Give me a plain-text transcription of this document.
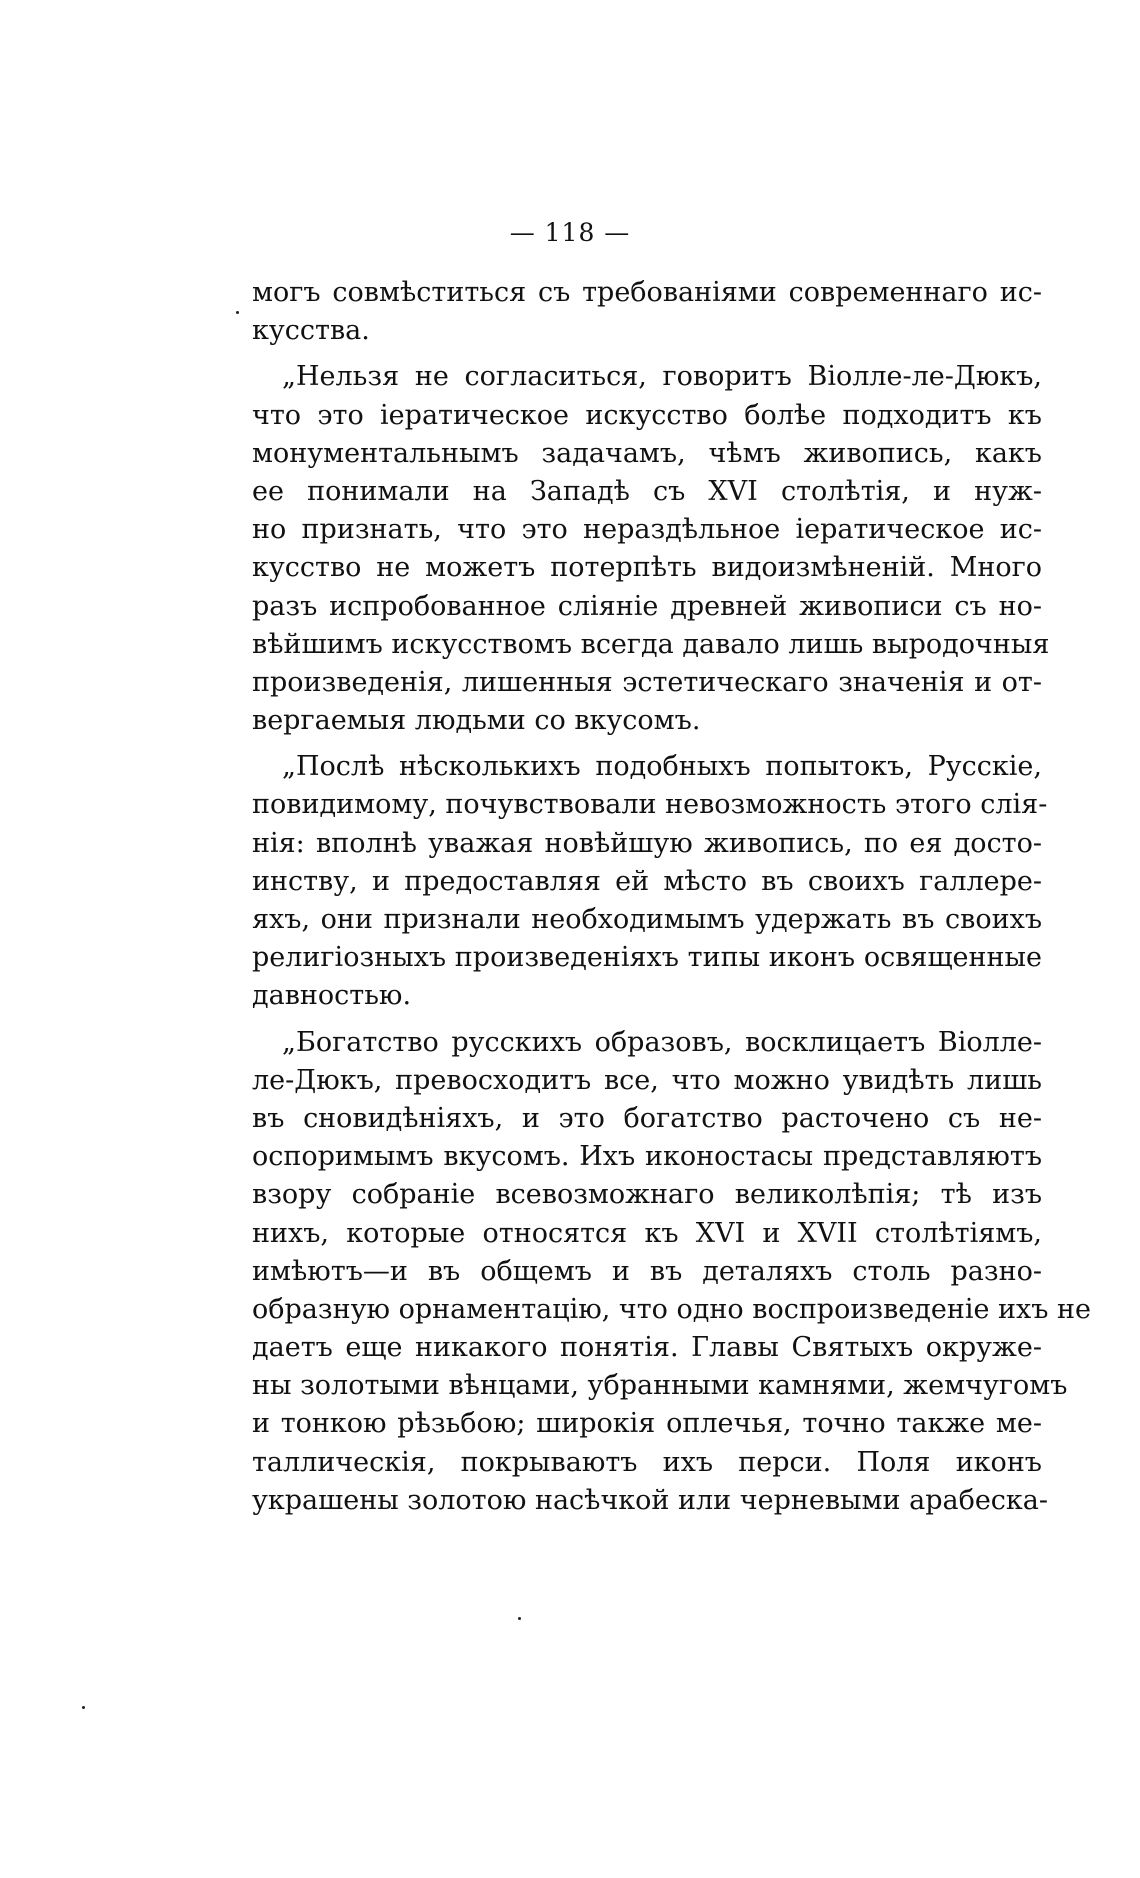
— 118 —
могъ совмѣститься съ требованіями современнаго ис-
кусства.
„Нельзя не согласиться, говоритъ Віолле-ле-Дюкъ,
что это іератическое искусство болѣе подходитъ къ
монументальнымъ задачамъ, чѣмъ живопись, какъ
ее понимали на Западѣ съ XVI столѣтія, и нуж-
но признать, что это нераздѣльное іератическое ис-
кусство не можетъ потерпѣть видоизмѣненій. Много
разъ испробованное сліяніе древней живописи съ но-
вѣйшимъ искусствомъ всегда давало лишь выродочныя
произведенія, лишенныя эстетическаго значенія и от-
вергаемыя людьми со вкусомъ.
„Послѣ нѣсколькихъ подобныхъ попытокъ, Русскіе,
повидимому, почувствовали невозможность этого слія-
нія: вполнѣ уважая новѣйшую живопись, по ея досто-
инству, и предоставляя ей мѣсто въ своихъ галлере-
яхъ, они признали необходимымъ удержать въ своихъ
религіозныхъ произведеніяхъ типы иконъ освященные
давностью.
„Богатство русскихъ образовъ, восклицаетъ Віолле-
ле-Дюкъ, превосходитъ все, что можно увидѣть лишь
въ сновидѣніяхъ, и это богатство расточено съ не-
оспоримымъ вкусомъ. Ихъ иконостасы представляютъ
взору собраніе всевозможнаго великолѣпія; тѣ изъ
нихъ, которые относятся къ XVI и XVII столѣтіямъ,
имѣютъ—и въ общемъ и въ деталяхъ столь разно-
образную орнаментацію, что одно воспроизведеніе ихъ не
даетъ еще никакого понятія. Главы Святыхъ окруже-
ны золотыми вѣнцами, убранными камнями, жемчугомъ
и тонкою рѣзьбою; широкія оплечья, точно также ме-
таллическія, покрываютъ ихъ перси. Поля иконъ
украшены золотою насѣчкой или черневыми арабеска-
